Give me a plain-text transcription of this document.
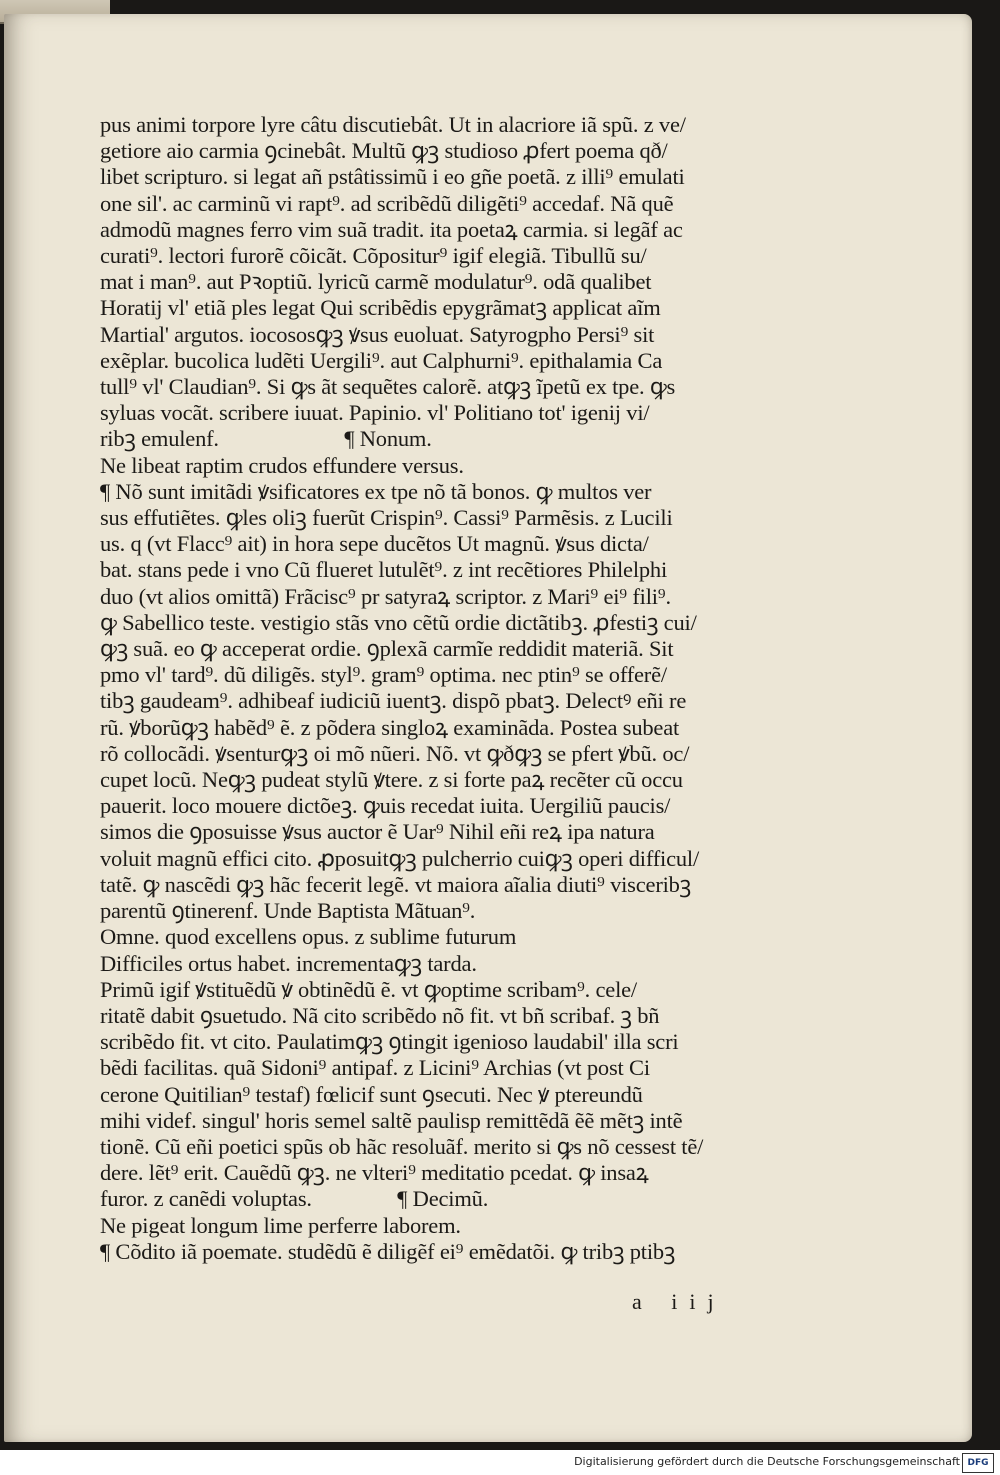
pus animi torpore lyre câtu discutiebât. Ut in alacriore iã spũ. z ve/
getiore aio carmia ꝯcinebât. Multũ ꝙꝫ studioso ꝓfert poema qð/
libet scripturo. si legat añ pstâtissimũ i eo gñe poetã. z illi⁹ emulati
one sil'. ac carminũ vi rapt⁹. ad scribẽdũ diligẽti⁹ accedaf. Nã quẽ
admodũ magnes ferro vim suã tradit. ita poetaꝝ carmia. si legãf ac
curati⁹. lectori furorẽ cõicãt. Cõpositur⁹ igif elegiã. Tibullũ su/
mat i man⁹. aut Pꝛoptiũ. lyricũ carmẽ modulatur⁹. odã qualibet
Horatij vl' etiã ples legat Qui scribẽdis epygrãmatꝫ applicat aĩm
Martial' argutos. iocososꝙꝫ ꝟsus euoluat. Satyrogpho Persi⁹ sit
exẽplar. bucolica ludẽti Uergili⁹. aut Calphurni⁹. epithalamia Ca
tull⁹ vl' Claudian⁹. Si ꝙs ãt sequẽtes calorẽ. atꝙꝫ ĩpetũ ex tpe. ꝙs
syluas vocãt. scribere iuuat. Papinio. vl' Politiano tot' igenij vi/
ribꝫ emulenf.	¶ Nonum.
Ne libeat raptim crudos effundere versus.
¶ Nõ sunt imitãdi ꝟsificatores ex tpe nõ tã bonos. ꝙ multos ver
sus effutiẽtes. ꝙles oliꝫ fuerũt Crispin⁹. Cassi⁹ Parmẽsis. z Lucili
us. q (vt Flacc⁹ ait) in hora sepe ducẽtos Ut magnũ. ꝟsus dicta/
bat. stans pede i vno Cũ flueret lutulẽt⁹. z int recẽtiores Philelphi
duo (vt alios omittã) Frãcisc⁹ pr satyraꝝ scriptor. z Mari⁹ ei⁹ fili⁹.
ꝙ Sabellico teste. vestigio stãs vno cẽtũ ordie dictãtibꝫ. ꝓfestiꝫ cui/
ꝙꝫ suã. eo ꝙ acceperat ordie. ꝯplexã carmĩe reddidit materiã. Sit
pmo vl' tard⁹. dũ diligẽs. styl⁹. gram⁹ optima. nec ptin⁹ se offerẽ/
tibꝫ gaudeam⁹. adhibeaf iudiciũ iuentꝫ. dispõ pbatꝫ. Delectꝰ eñi re
rũ. ꝟborũꝙꝫ habẽd⁹ ẽ. z põdera singloꝝ examinãda. Postea subeat
rõ collocãdi. ꝟsenturꝙꝫ oi mõ nũeri. Nõ. vt ꝙðꝙꝫ se pfert ꝟbũ. oc/
cupet locũ. Neꝙꝫ pudeat stylũ ꝟtere. z si forte paꝝ recẽter cũ occu
pauerit. loco mouere dictõeꝫ. ꝙuis recedat iuita. Uergiliũ paucis/
simos die ꝯposuisse ꝟsus auctor ẽ Uar⁹ Nihil eñi reꝝ ipa natura
voluit magnũ effici cito. ꝓposuitꝙꝫ pulcherrio cuiꝙꝫ operi difficul/
tatẽ. ꝙ nascẽdi ꝙꝫ hãc fecerit legẽ. vt maiora aĩalia diuti⁹ visceribꝫ
parentũ ꝯtinerenf. Unde Baptista Mãtuan⁹.
Omne. quod excellens opus. z sublime futurum
Difficiles ortus habet. incrementaꝙꝫ tarda.
Primũ igif ꝟstituẽdũ ꝟ obtinẽdũ ẽ. vt ꝙoptime scribam⁹. cele/
ritatẽ dabit ꝯsuetudo. Nã cito scribẽdo nõ fit. vt bñ scribaf. ꝫ bñ
scribẽdo fit. vt cito. Paulatimꝙꝫ ꝯtingit igenioso laudabil' illa scri
bẽdi facilitas. quã Sidoni⁹ antipaf. z Licini⁹ Archias (vt post Ci
cerone Quitilian⁹ testaf) fœlicif sunt ꝯsecuti. Nec ꝟ ptereundũ
mihi videf. singul' horis semel saltẽ paulisp remittẽdã ẽẽ mẽtꝫ intẽ
tionẽ. Cũ eñi poetici spũs ob hãc resoluãf. merito si ꝙs nõ cessest tẽ/
dere. lẽt⁹ erit. Cauẽdũ ꝙꝫ. ne vlteri⁹ meditatio pcedat. ꝙ insaꝝ
furor. z canẽdi voluptas.	¶ Decimũ.
Ne pigeat longum lime perferre laborem.
¶ Cõdito iã poemate. studẽdũ ẽ diligẽf ei⁹ emẽdatõi. ꝙ tribꝫ ptibꝫ
a iij
Digitalisierung gefördert durch die Deutsche Forschungsgemeinschaft DFG
